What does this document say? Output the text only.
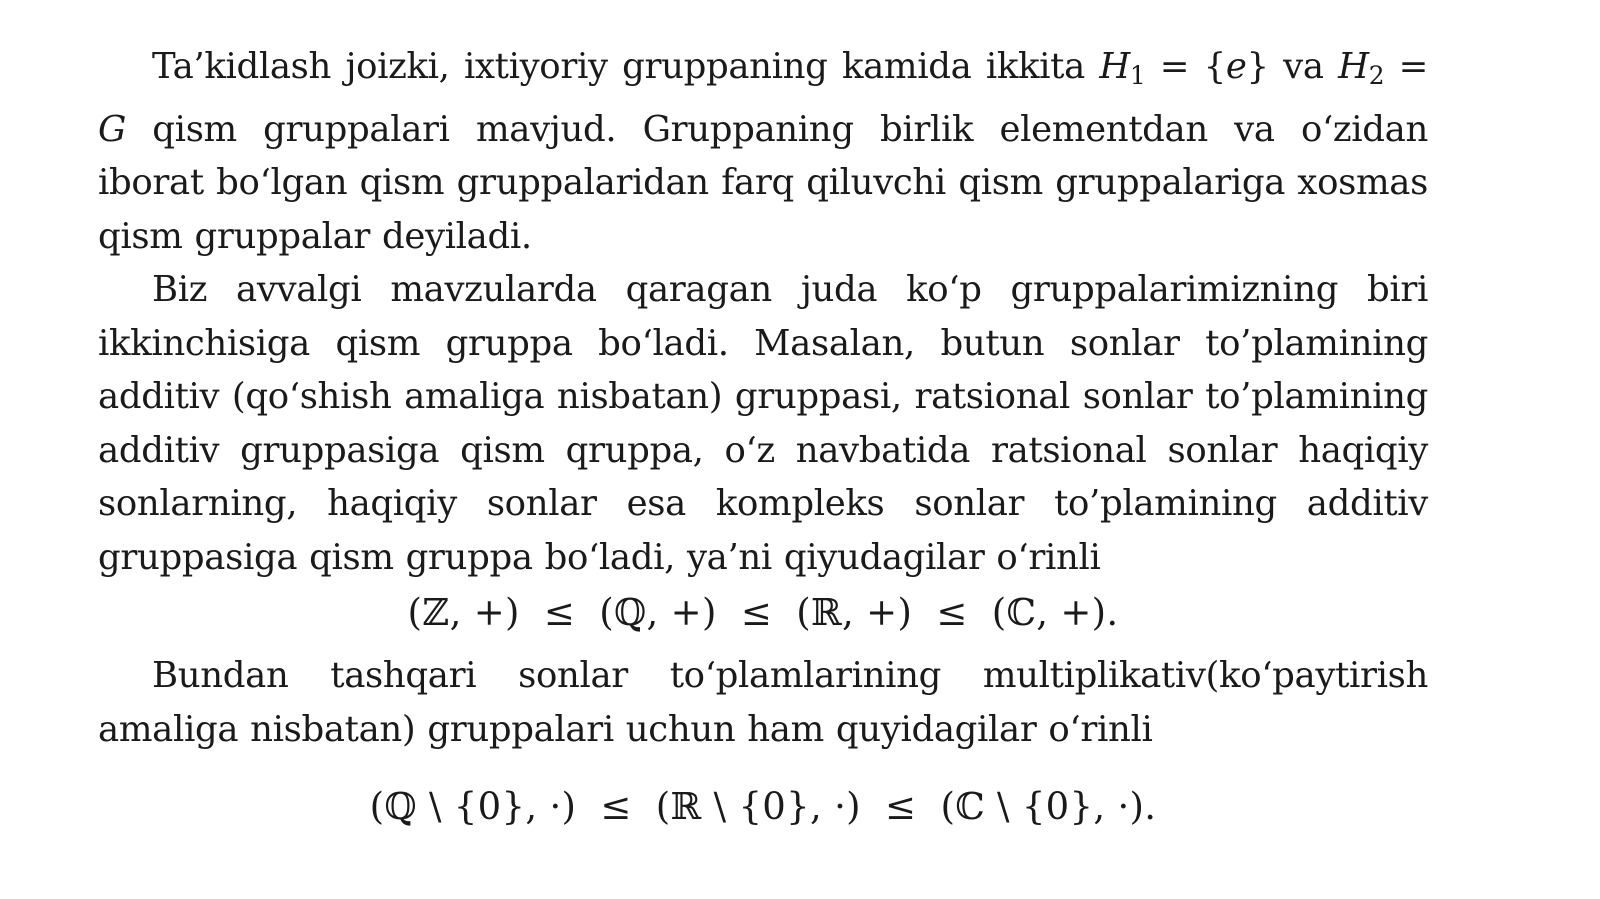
Ta’kidlash joizki, ixtiyoriy gruppaning kamida ikkita H1 = {e} va H2 = G qism gruppalari mavjud. Gruppaning birlik elementdan va o‘zidan iborat bo‘lgan qism gruppalaridan farq qiluvchi qism gruppalariga xosmas qism gruppalar deyiladi.

Biz avvalgi mavzularda qaragan juda ko‘p gruppalarimizning biri ikkinchisiga qism gruppa bo‘ladi. Masalan, butun sonlar to’plamining additiv (qo‘shish amaliga nisbatan) gruppasi, ratsional sonlar to’plamining additiv gruppasiga qism qruppa, o‘z navbatida ratsional sonlar haqiqiy sonlarning, haqiqiy sonlar esa kompleks sonlar to’plamining additiv gruppasiga qism gruppa bo‘ladi, ya’ni qiyudagilar o‘rinli

(ℤ, +)  ≤  (ℚ, +)  ≤  (ℝ, +)  ≤  (ℂ, +).

Bundan tashqari sonlar to‘plamlarining multiplikativ(ko‘paytirish amaliga nisbatan) gruppalari uchun ham quyidagilar o‘rinli

(ℚ \ {0}, ·)  ≤  (ℝ \ {0}, ·)  ≤  (ℂ \ {0}, ·).
